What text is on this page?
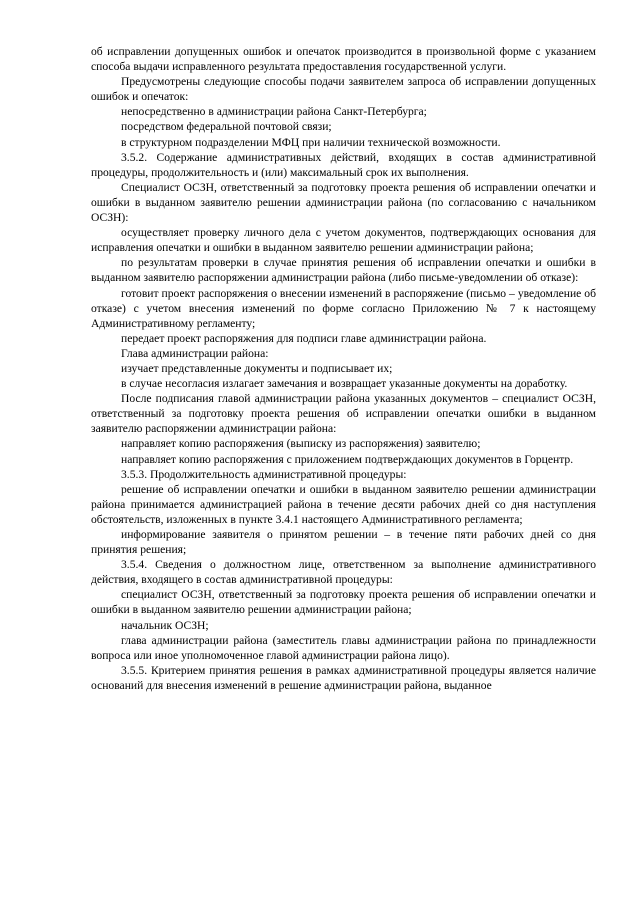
об исправлении допущенных ошибок и опечаток производится в произвольной форме с указанием способа выдачи исправленного результата предоставления государственной услуги.

Предусмотрены следующие способы подачи заявителем запроса об исправлении допущенных ошибок и опечаток:

непосредственно в администрации района Санкт-Петербурга;

посредством федеральной почтовой связи;

в структурном подразделении МФЦ при наличии технической возможности.

3.5.2. Содержание административных действий, входящих в состав административной процедуры, продолжительность и (или) максимальный срок их выполнения.

Специалист ОСЗН, ответственный за подготовку проекта решения об исправлении опечатки и ошибки в выданном заявителю решении администрации района (по согласованию с начальником ОСЗН):

осуществляет проверку личного дела с учетом документов, подтверждающих основания для исправления опечатки и ошибки в выданном заявителю решении администрации района;

по результатам проверки в случае принятия решения об исправлении опечатки и ошибки в выданном заявителю распоряжении администрации района (либо письме-уведомлении об отказе):

готовит проект распоряжения о внесении изменений в распоряжение (письмо – уведомление об отказе) с учетом внесения изменений по форме согласно Приложению № 7 к настоящему Административному регламенту;

передает проект распоряжения для подписи главе администрации района.

Глава администрации района:

изучает представленные документы и подписывает их;

в случае несогласия излагает замечания и возвращает указанные документы на доработку.

После подписания главой администрации района указанных документов – специалист ОСЗН, ответственный за подготовку проекта решения об исправлении опечатки ошибки в выданном заявителю распоряжении администрации района:

направляет копию распоряжения (выписку из распоряжения) заявителю;

направляет копию распоряжения с приложением подтверждающих документов в Горцентр.

3.5.3. Продолжительность административной процедуры:

решение об исправлении опечатки и ошибки в выданном заявителю решении администрации района принимается администрацией района в течение десяти рабочих дней со дня наступления обстоятельств, изложенных в пункте 3.4.1 настоящего Административного регламента;

информирование заявителя о принятом решении – в течение пяти рабочих дней со дня принятия решения;

3.5.4. Сведения о должностном лице, ответственном за выполнение административного действия, входящего в состав административной процедуры:

специалист ОСЗН, ответственный за подготовку проекта решения об исправлении опечатки и ошибки в выданном заявителю решении администрации района;

начальник ОСЗН;

глава администрации района (заместитель главы администрации района по принадлежности вопроса или иное уполномоченное главой администрации района лицо).

3.5.5. Критерием принятия решения в рамках административной процедуры является наличие оснований для внесения изменений в решение администрации района, выданное
